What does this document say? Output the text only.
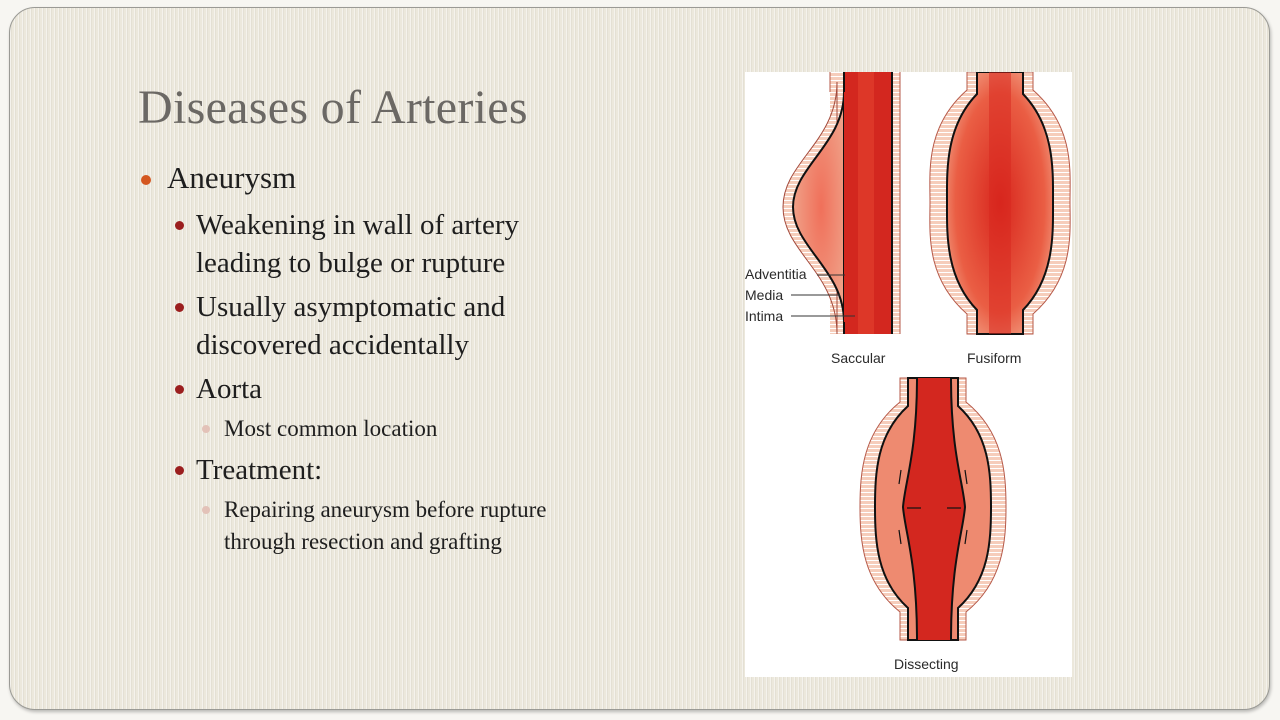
Diseases of Arteries
Aneurysm
Weakening in wall of artery
leading to bulge or rupture
Usually asymptomatic and
discovered accidentally
Aorta
Most common location
Treatment:
Repairing aneurysm before rupture
through resection and grafting
Adventitia
Media
Intima
Saccular	Fusiform
Dissecting
